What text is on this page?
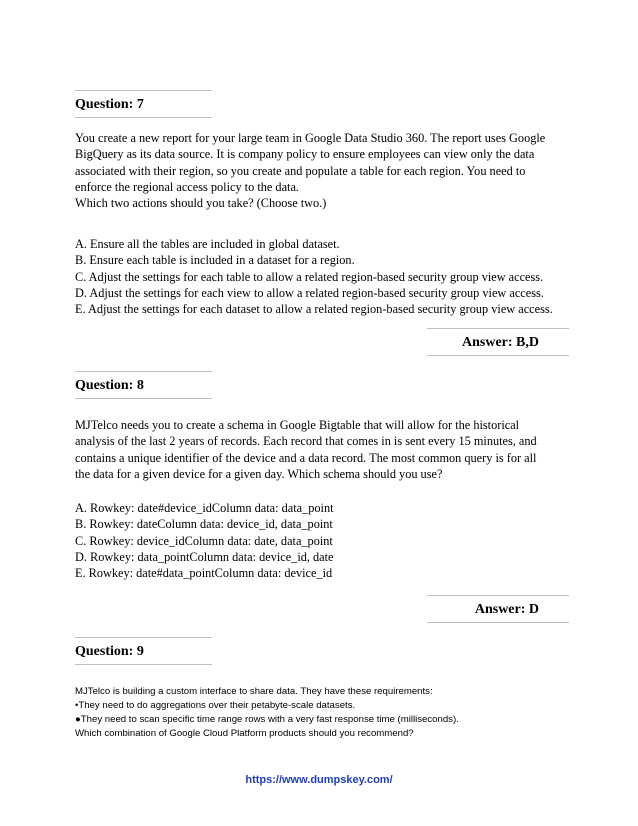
Question: 7

You create a new report for your large team in Google Data Studio 360. The report uses Google

BigQuery as its data source. It is company policy to ensure employees can view only the data

associated with their region, so you create and populate a table for each region. You need to

enforce the regional access policy to the data.

Which two actions should you take? (Choose two.)

A. Ensure all the tables are included in global dataset.
B. Ensure each table is included in a dataset for a region.
C. Adjust the settings for each table to allow a related region-based security group view access.
D. Adjust the settings for each view to allow a related region-based security group view access.
E. Adjust the settings for each dataset to allow a related region-based security group view access.
Answer: B,D
Question: 8

MJTelco needs you to create a schema in Google Bigtable that will allow for the historical

analysis of the last 2 years of records. Each record that comes in is sent every 15 minutes, and

contains a unique identifier of the device and a data record. The most common query is for all

the data for a given device for a given day. Which schema should you use?

A. Rowkey: date#device_idColumn data: data_point
B. Rowkey: dateColumn data: device_id, data_point
C. Rowkey: device_idColumn data: date, data_point
D. Rowkey: data_pointColumn data: device_id, date
E. Rowkey: date#data_pointColumn data: device_id
Answer: D
Question: 9
MJTelco is building a custom interface to share data. They have these requirements:
•They need to do aggregations over their petabyte-scale datasets.
●They need to scan specific time range rows with a very fast response time (milliseconds).
Which combination of Google Cloud Platform products should you recommend?
https://www.dumpskey.com/
